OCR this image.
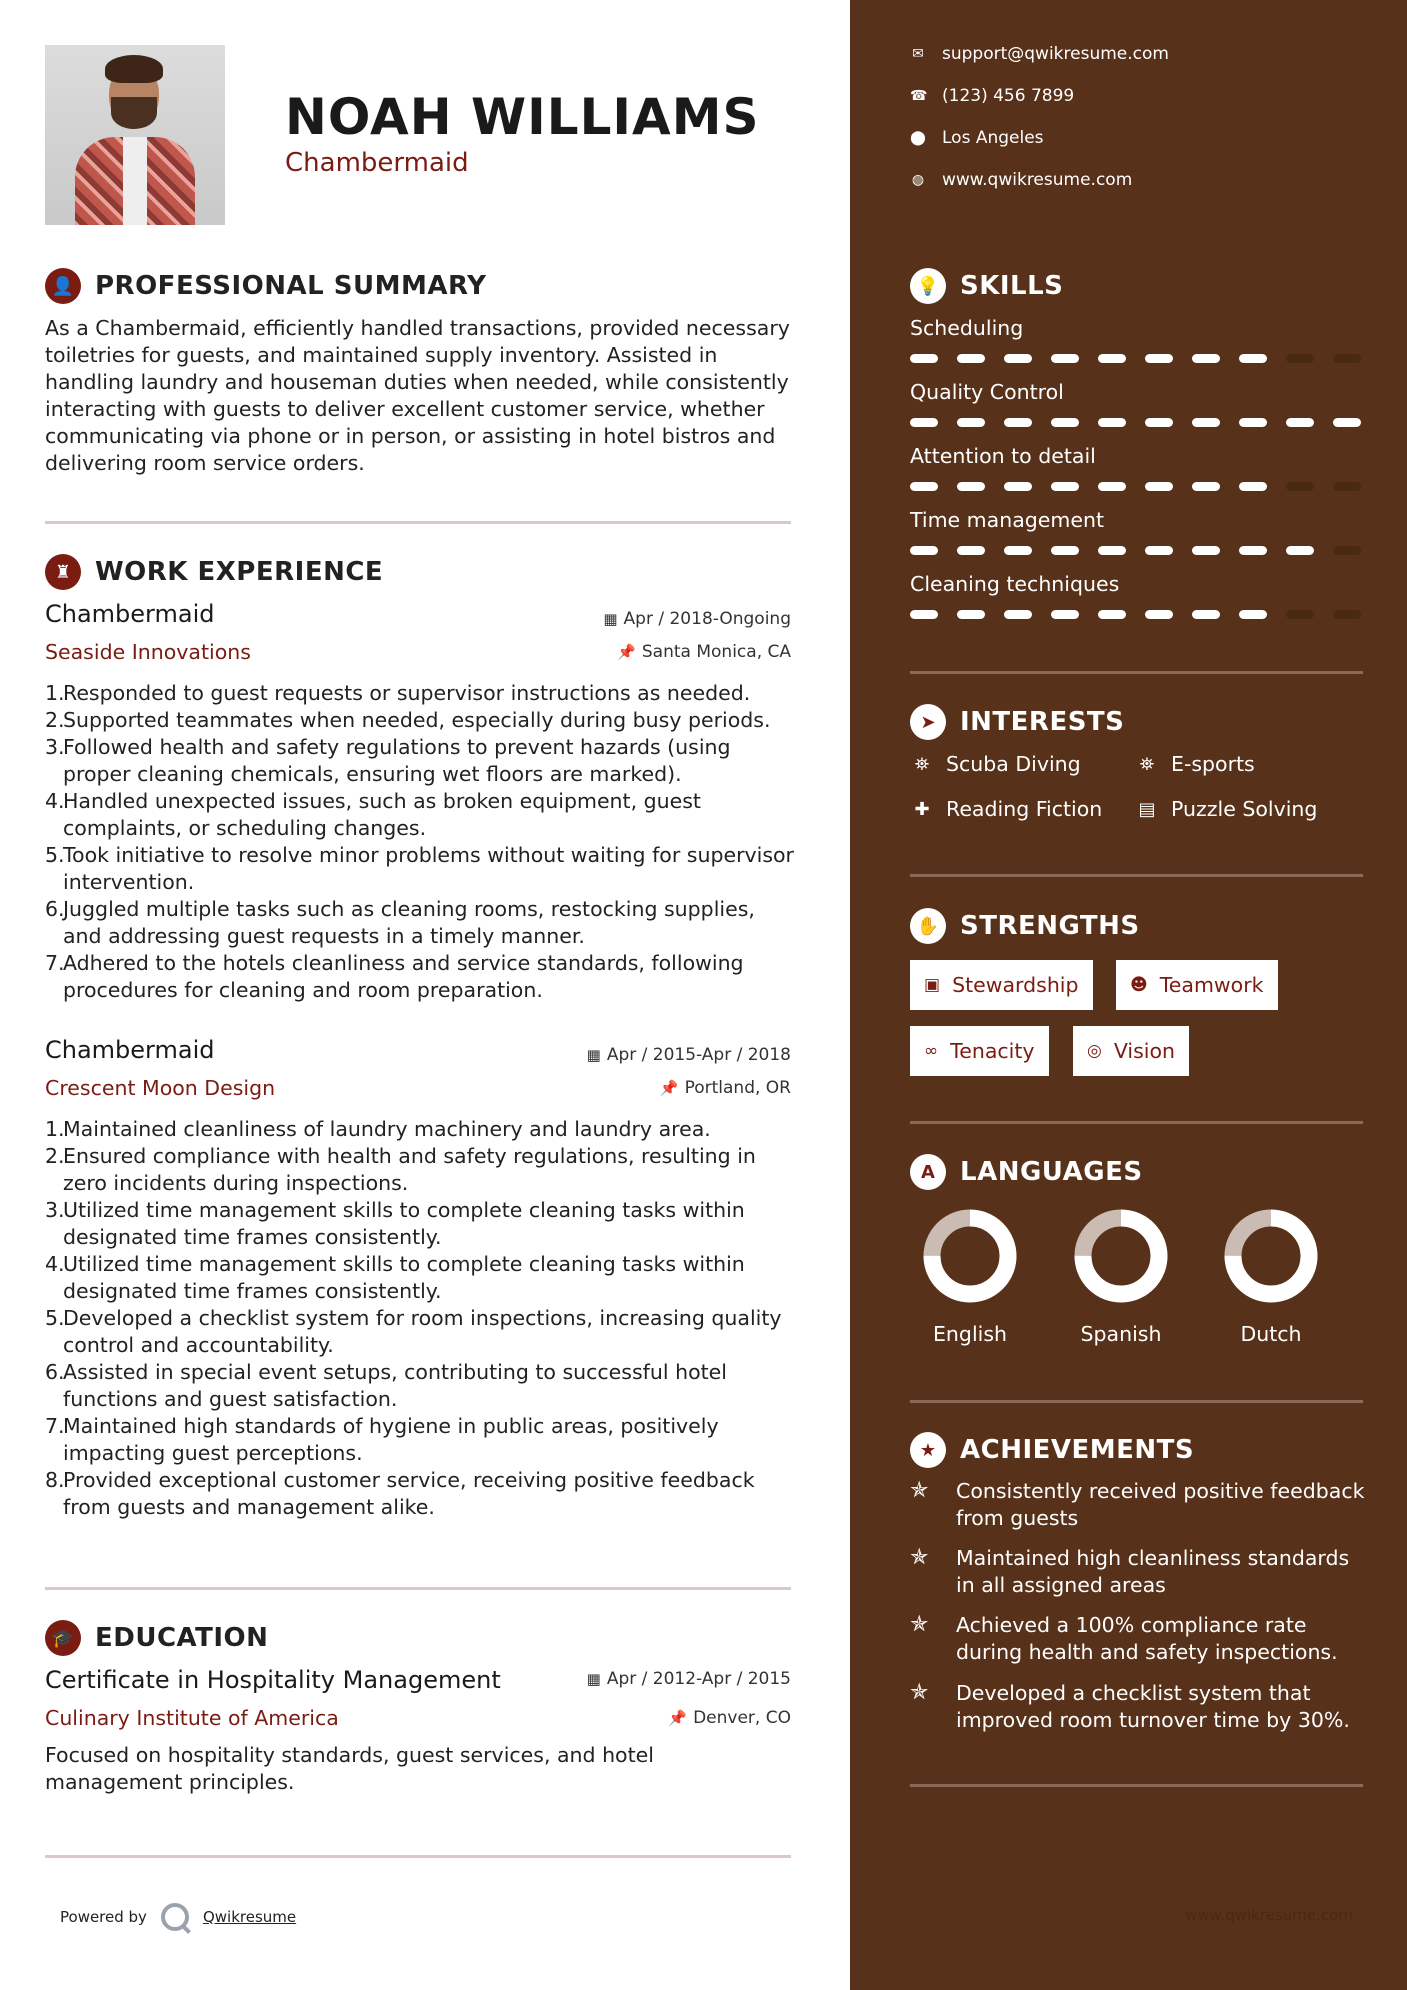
NOAH WILLIAMS
Chambermaid
👤 PROFESSIONAL SUMMARY

As a Chambermaid, efficiently handled transactions, provided necessary toiletries for guests, and maintained supply inventory. Assisted in handling laundry and houseman duties when needed, while consistently interacting with guests to deliver excellent customer service, whether communicating via phone or in person, or assisting in hotel bistros and delivering room service orders.

♜ WORK EXPERIENCE
Chambermaid	▦ Apr / 2018-Ongoing
Seaside Innovations	📌 Santa Monica, CA
1.
Responded to guest requests or supervisor instructions as needed.
2.
Supported teammates when needed, especially during busy periods.
3.
Followed health and safety regulations to prevent hazards (using proper cleaning chemicals, ensuring wet floors are marked).
4.
Handled unexpected issues, such as broken equipment, guest complaints, or scheduling changes.
5.
Took initiative to resolve minor problems without waiting for supervisor intervention.
6.
Juggled multiple tasks such as cleaning rooms, restocking supplies, and addressing guest requests in a timely manner.
7.
Adhered to the hotels cleanliness and service standards, following procedures for cleaning and room preparation.
Chambermaid	▦ Apr / 2015-Apr / 2018
Crescent Moon Design	📌 Portland, OR
1.
Maintained cleanliness of laundry machinery and laundry area.
2.
Ensured compliance with health and safety regulations, resulting in zero incidents during inspections.
3.
Utilized time management skills to complete cleaning tasks within designated time frames consistently.
4.
Utilized time management skills to complete cleaning tasks within designated time frames consistently.
5.
Developed a checklist system for room inspections, increasing quality control and accountability.
6.
Assisted in special event setups, contributing to successful hotel functions and guest satisfaction.
7.
Maintained high standards of hygiene in public areas, positively impacting guest perceptions.
8.
Provided exceptional customer service, receiving positive feedback from guests and management alike.
🎓 EDUCATION
Certificate in Hospitality Management	▦ Apr / 2012-Apr / 2015
Culinary Institute of America	📌 Denver, CO

Focused on hospitality standards, guest services, and hotel management principles.

Powered by	Qwikresume
✉ support@qwikresume.com
☎ (123) 456 7899
⬤ Los Angeles
◍ www.qwikresume.com
💡 SKILLS
Scheduling
Quality Control
Attention to detail
Time management
Cleaning techniques
➤ INTERESTS
⛯ Scuba Diving	⛯ E-sports
✚ Reading Fiction ▤ Puzzle Solving
✋ STRENGTHS
▣ Stewardship	☻ Teamwork
∞ Tenacity	◎ Vision
A LANGUAGES
English	Spanish	Dutch
★ ACHIEVEMENTS
✯	Consistently received positive feedback from guests
✯	Maintained high cleanliness standards in all assigned areas
✯	Achieved a 100% compliance rate during health and safety inspections.
✯	Developed a checklist system that improved room turnover time by 30%.
www.qwikresume.com
